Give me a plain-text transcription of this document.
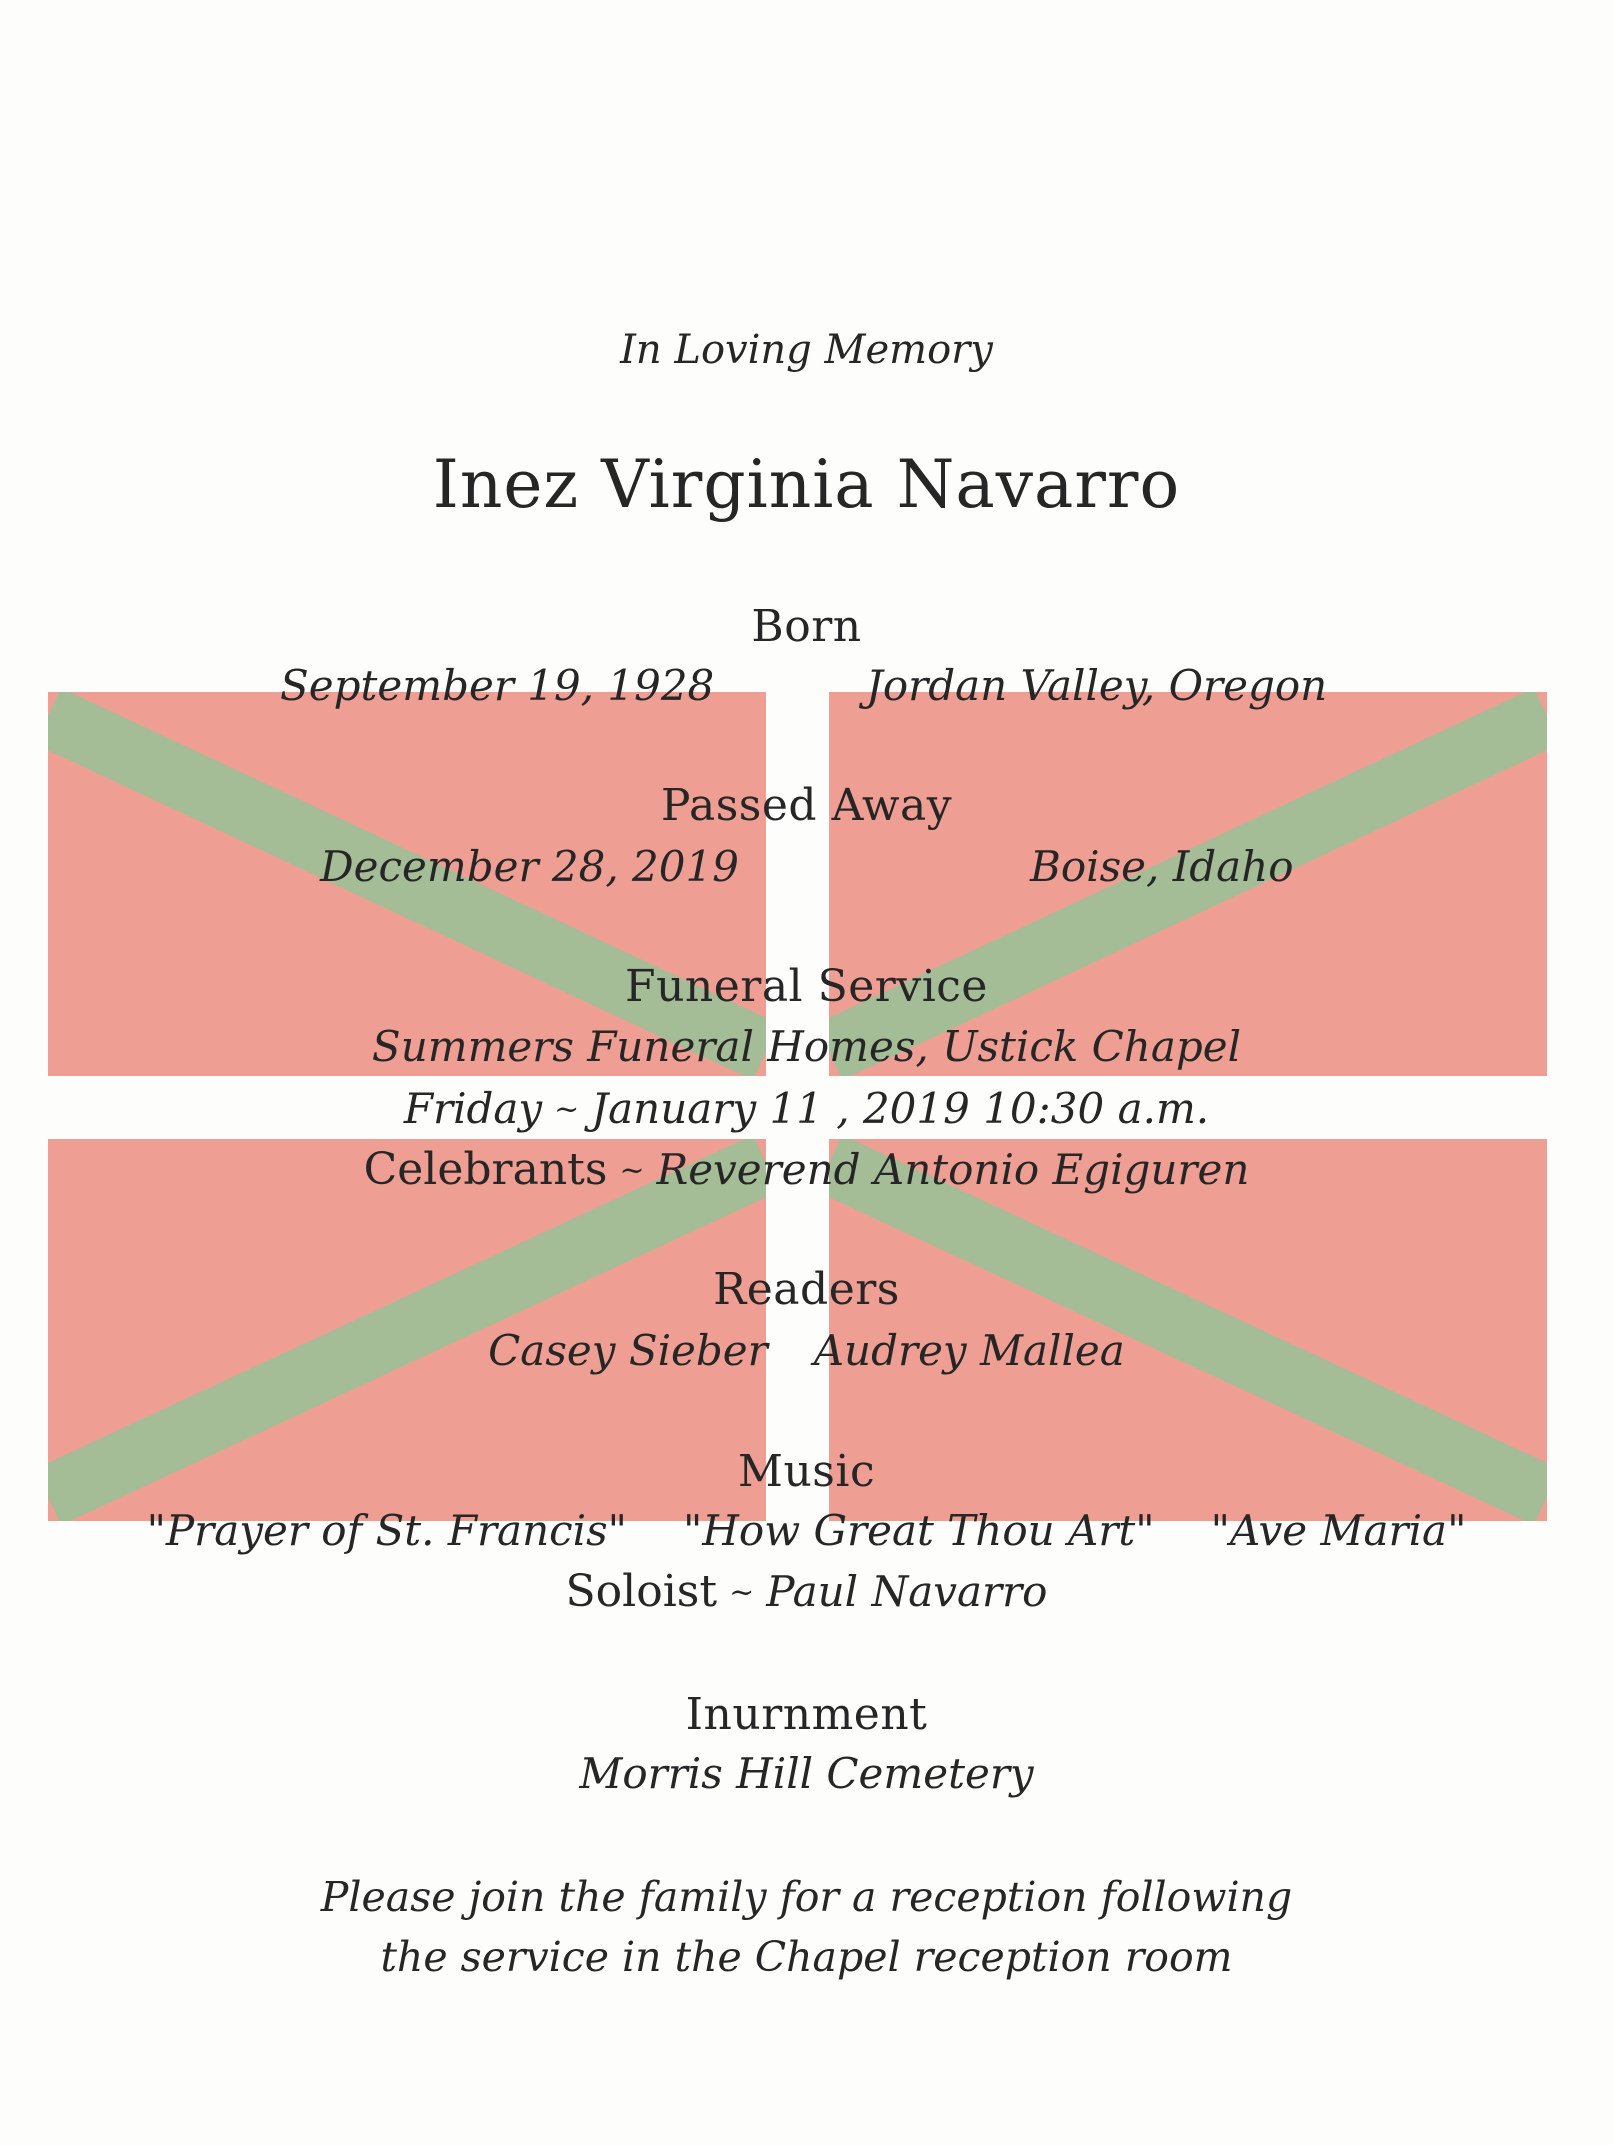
In Loving Memory
Inez Virginia Navarro
Born
September 19, 1928	Jordan Valley, Oregon
Passed Away
December 28, 2019	Boise, Idaho
Funeral Service
Summers Funeral Homes, Ustick Chapel
Friday ~ January 11 , 2019 10:30 a.m.
Celebrants ~ Reverend Antonio Egiguren
Readers
Casey Sieber Audrey Mallea
Music
"Prayer of St. Francis" "How Great Thou Art" "Ave Maria"
Soloist ~ Paul Navarro
Inurnment
Morris Hill Cemetery
Please join the family for a reception following
the service in the Chapel reception room
